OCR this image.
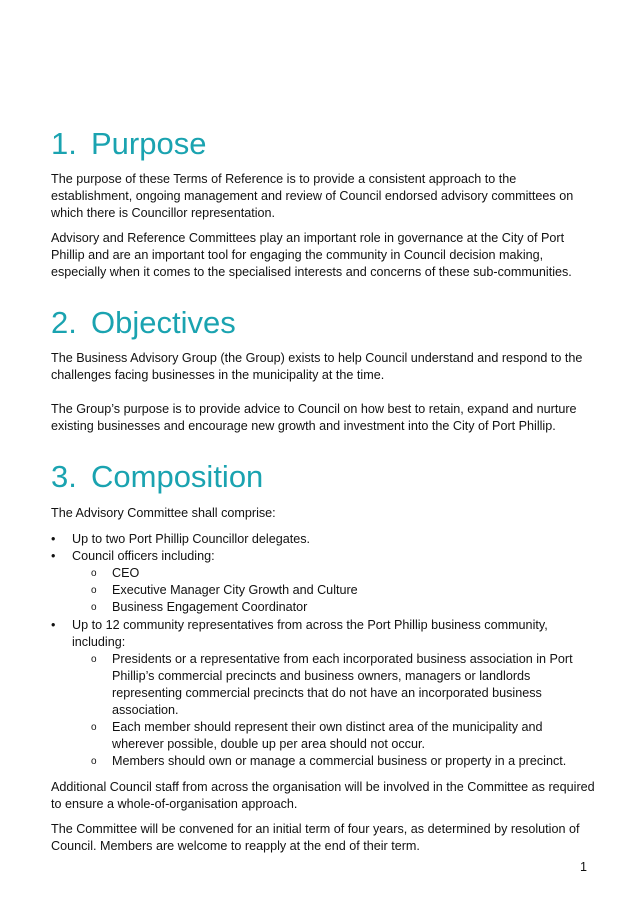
1. Purpose

The purpose of these Terms of Reference is to provide a consistent approach to the establishment, ongoing management and review of Council endorsed advisory committees on which there is Councillor representation.

Advisory and Reference Committees play an important role in governance at the City of Port Phillip and are an important tool for engaging the community in Council decision making, especially when it comes to the specialised interests and concerns of these sub-communities.

2. Objectives

The Business Advisory Group (the Group) exists to help Council understand and respond to the challenges facing businesses in the municipality at the time.

The Group’s purpose is to provide advice to Council on how best to retain, expand and nurture existing businesses and encourage new growth and investment into the City of Port Phillip.

3. Composition

The Advisory Committee shall comprise:

• Up to two Port Phillip Councillor delegates.
• Council officers including:
o CEO
o Executive Manager City Growth and Culture
o Business Engagement Coordinator
• Up to 12 community representatives from across the Port Phillip business community, including:
o Presidents or a representative from each incorporated business association in Port Phillip’s commercial precincts and business owners, managers or landlords representing commercial precincts that do not have an incorporated business association.
o Each member should represent their own distinct area of the municipality and wherever possible, double up per area should not occur.
o Members should own or manage a commercial business or property in a precinct.

Additional Council staff from across the organisation will be involved in the Committee as required to ensure a whole-of-organisation approach.

The Committee will be convened for an initial term of four years, as determined by resolution of Council. Members are welcome to reapply at the end of their term.

1
